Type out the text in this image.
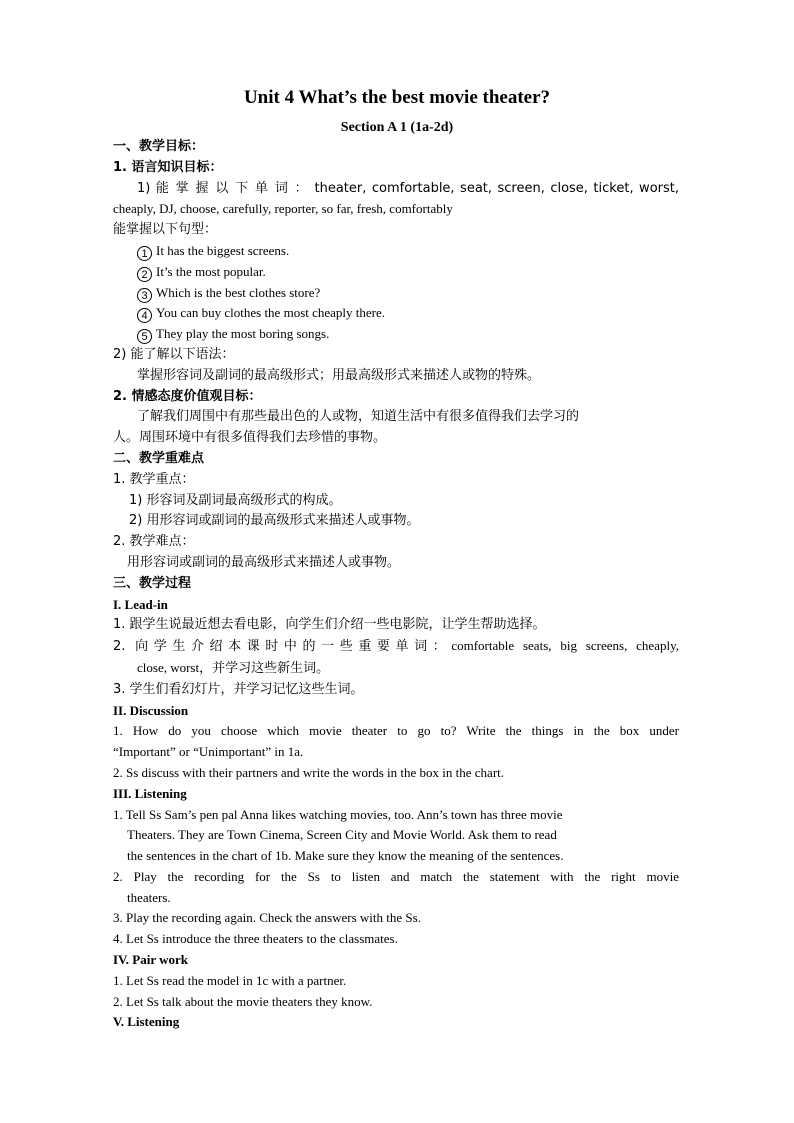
Unit 4 What’s the best movie theater?
Section A 1 (1a-2d)

一、教学目标：

1. 语言知识目标：

1) 能 掌 握 以 下 单 词 ： theater, comfortable, seat, screen, close, ticket, worst,

cheaply, DJ, choose, carefully, reporter, so far, fresh, comfortably

能掌握以下句型：

1 It has the biggest screens.

2 It’s the most popular.

3 Which is the best clothes store?

4 You can buy clothes the most cheaply there.

5 They play the most boring songs.

2) 能了解以下语法：

掌握形容词及副词的最高级形式；用最高级形式来描述人或物的特殊。

2. 情感态度价值观目标：

了解我们周围中有那些最出色的人或物，知道生活中有很多值得我们去学习的

人。周围环境中有很多值得我们去珍惜的事物。

二、教学重难点

1. 教学重点：

1) 形容词及副词最高级形式的构成。

2) 用形容词或副词的最高级形式来描述人或事物。

2. 教学难点：

用形容词或副词的最高级形式来描述人或事物。

三、教学过程

I. Lead-in

1. 跟学生说最近想去看电影，向学生们介绍一些电影院，让学生帮助选择。

2. 向学生介绍本课时中的一些重要单词：comfortable seats, big screens, cheaply,

close, worst，并学习这些新生词。

3. 学生们看幻灯片，并学习记忆这些生词。

II. Discussion

1. How do you choose which movie theater to go to? Write the things in the box under

“Important” or “Unimportant” in 1a.

2. Ss discuss with their partners and write the words in the box in the chart.

III. Listening

1. Tell Ss Sam’s pen pal Anna likes watching movies, too. Ann’s town has three movie

Theaters. They are Town Cinema, Screen City and Movie World. Ask them to read

the sentences in the chart of 1b. Make sure they know the meaning of the sentences.

2. Play the recording for the Ss to listen and match the statement with the right movie

theaters.

3. Play the recording again. Check the answers with the Ss.

4. Let Ss introduce the three theaters to the classmates.

IV. Pair work

1. Let Ss read the model in 1c with a partner.

2. Let Ss talk about the movie theaters they know.

V. Listening
